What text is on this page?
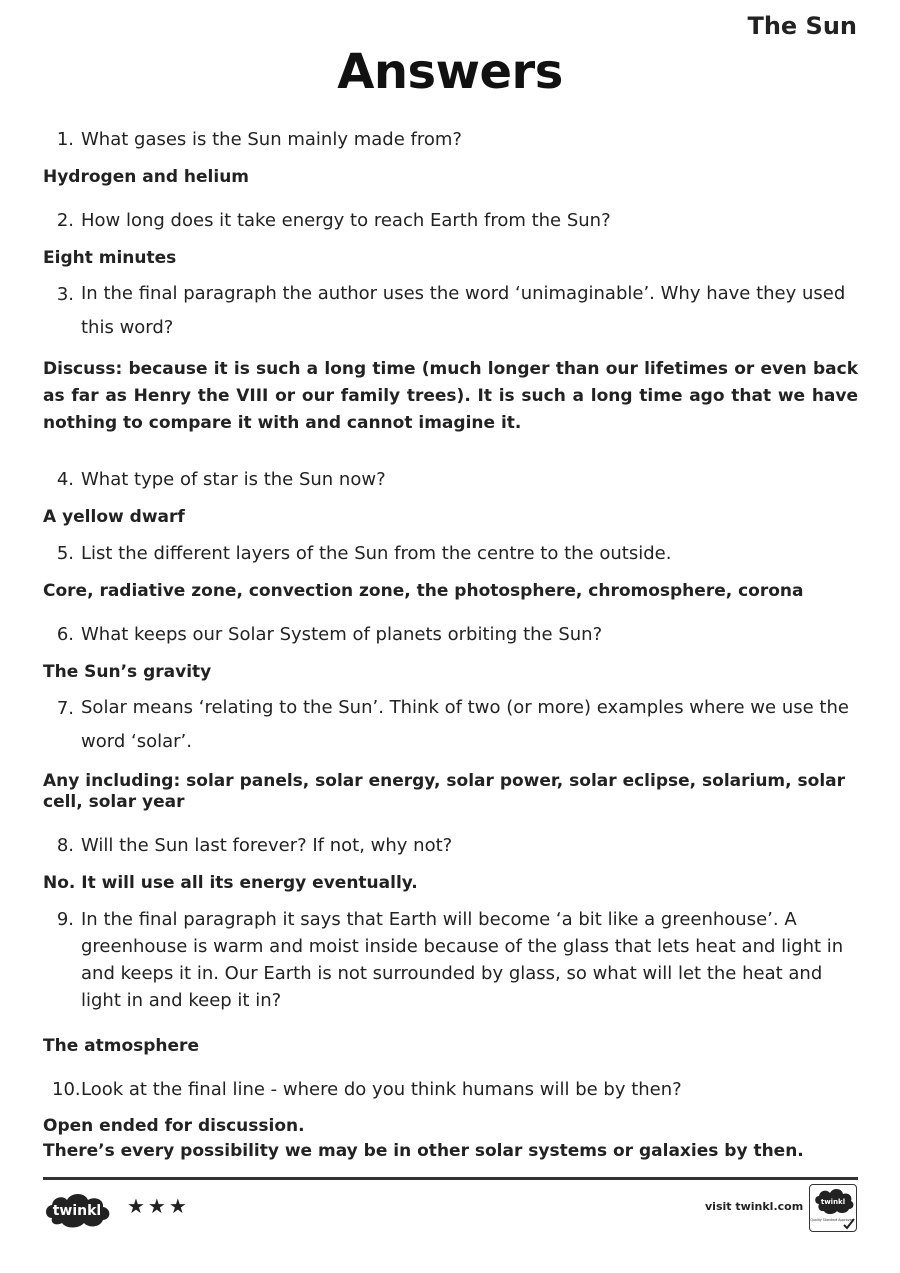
The Sun
Answers
1. What gases is the Sun mainly made from?
Hydrogen and helium
2. How long does it take energy to reach Earth from the Sun?
Eight minutes
3. In the final paragraph the author uses the word ‘unimaginable’. Why have they used this word?
Discuss: because it is such a long time (much longer than our lifetimes or even back as far as Henry the VIII or our family trees). It is such a long time ago that we have nothing to compare it with and cannot imagine it.
4. What type of star is the Sun now?
A yellow dwarf
5. List the different layers of the Sun from the centre to the outside.
Core, radiative zone, convection zone, the photosphere, chromosphere, corona
6. What keeps our Solar System of planets orbiting the Sun?
The Sun’s gravity
7. Solar means ‘relating to the Sun’. Think of two (or more) examples where we use the word ‘solar’.
Any including: solar panels, solar energy, solar power, solar eclipse, solarium, solar cell, solar year
8. Will the Sun last forever? If not, why not?
No. It will use all its energy eventually.
9. In the final paragraph it says that Earth will become ‘a bit like a greenhouse’. A greenhouse is warm and moist inside because of the glass that lets heat and light in and keeps it in. Our Earth is not surrounded by glass, so what will let the heat and light in and keep it in?
The atmosphere
10. Look at the final line - where do you think humans will be by then?
Open ended for discussion.
There’s every possibility we may be in other solar systems or galaxies by then.
twinkl ★★★	visit twinkl.com	twinkl
Quality Standard Approved
